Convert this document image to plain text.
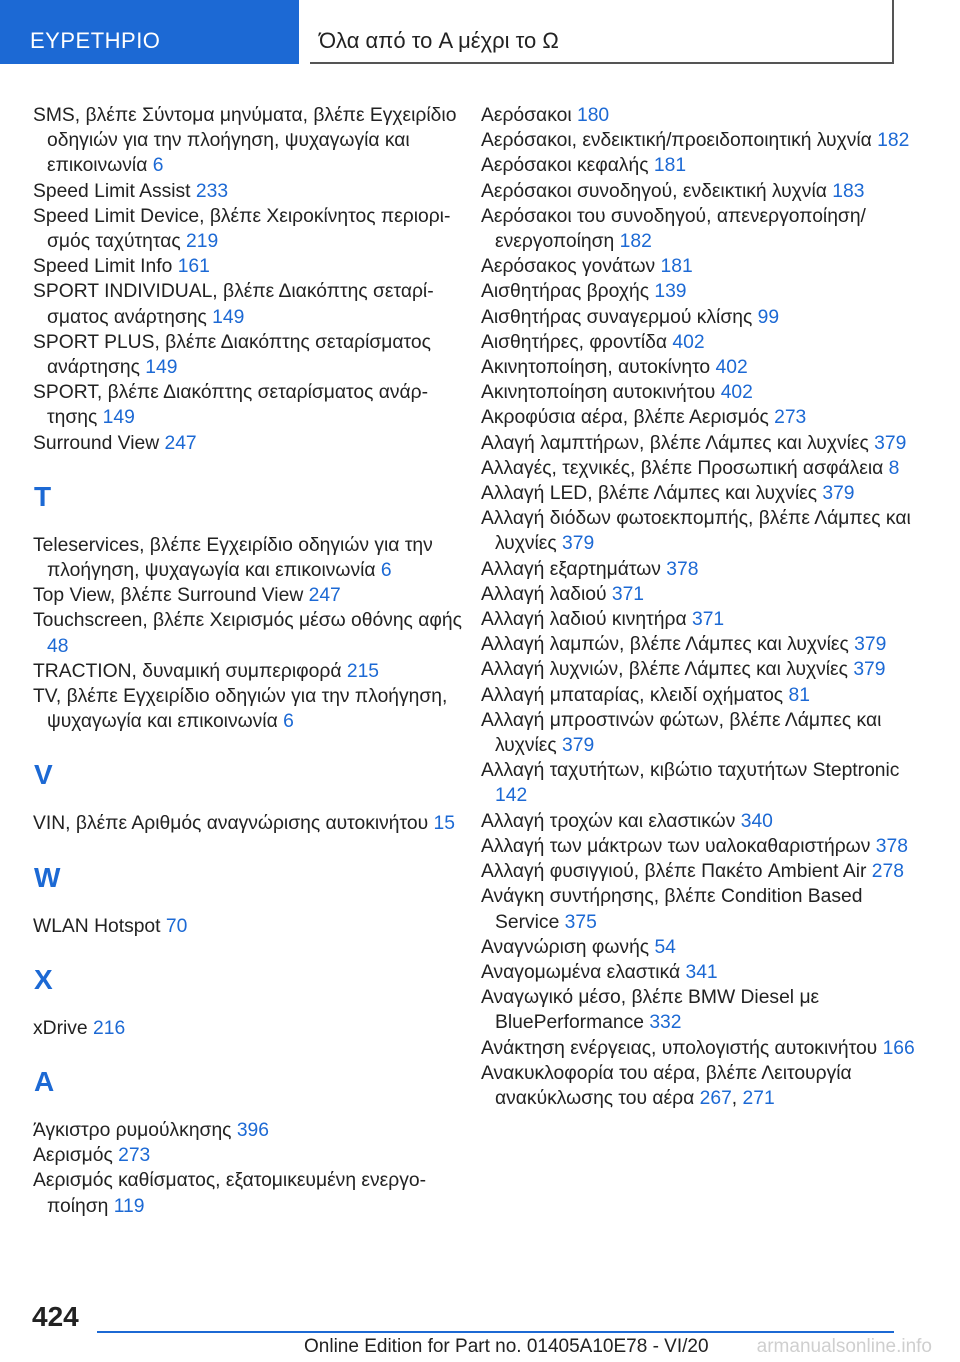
ΕΥΡΕΤΗΡΙΟ	Όλα από το A μέχρι το Ω
SMS, βλέπε Σύντομα μηνύματα, βλέπε Εγχειρίδιο οδηγιών για την πλοήγηση, ψυχαγωγία και επικοινωνία 6
Speed Limit Assist 233
Speed Limit Device, βλέπε Χειροκίνητος περιορισμός ταχύτητας 219
Speed Limit Info 161
SPORT INDIVIDUAL, βλέπε Διακόπτης σεταρίσματος ανάρτησης 149
SPORT PLUS, βλέπε Διακόπτης σεταρίσματος ανάρτησης 149
SPORT, βλέπε Διακόπτης σεταρίσματος ανάρτησης 149
Surround View 247
T
Teleservices, βλέπε Εγχειρίδιο οδηγιών για την πλοήγηση, ψυχαγωγία και επικοινωνία 6
Top View, βλέπε Surround View 247
Touchscreen, βλέπε Χειρισμός μέσω οθόνης αφής 48
TRACTION, δυναμική συμπεριφορά 215
TV, βλέπε Εγχειρίδιο οδηγιών για την πλοήγηση, ψυχαγωγία και επικοινωνία 6
V
VIN, βλέπε Αριθμός αναγνώρισης αυτοκινήτου 15
W
WLAN Hotspot 70
X
xDrive 216
Α
Άγκιστρο ρυμούλκησης 396
Αερισμός 273
Αερισμός καθίσματος, εξατομικευμένη ενεργοποίηση 119
Αερόσακοι 180
Αερόσακοι, ενδεικτική/προειδοποιητική λυχνία 182
Αερόσακοι κεφαλής 181
Αερόσακοι συνοδηγού, ενδεικτική λυχνία 183
Αερόσακοι του συνοδηγού, απενεργοποίηση/ ενεργοποίηση 182
Αερόσακος γονάτων 181
Αισθητήρας βροχής 139
Αισθητήρας συναγερμού κλίσης 99
Αισθητήρες, φροντίδα 402
Ακινητοποίηση, αυτοκίνητο 402
Ακινητοποίηση αυτοκινήτου 402
Ακροφύσια αέρα, βλέπε Αερισμός 273
Αλαγή λαμπτήρων, βλέπε Λάμπες και λυχνίες 379
Αλλαγές, τεχνικές, βλέπε Προσωπική ασφάλεια 8
Αλλαγή LED, βλέπε Λάμπες και λυχνίες 379
Αλλαγή διόδων φωτοεκπομπής, βλέπε Λάμπες και λυχνίες 379
Αλλαγή εξαρτημάτων 378
Αλλαγή λαδιού 371
Αλλαγή λαδιού κινητήρα 371
Αλλαγή λαμπών, βλέπε Λάμπες και λυχνίες 379
Αλλαγή λυχνιών, βλέπε Λάμπες και λυχνίες 379
Αλλαγή μπαταρίας, κλειδί οχήματος 81
Αλλαγή μπροστινών φώτων, βλέπε Λάμπες και λυχνίες 379
Αλλαγή ταχυτήτων, κιβώτιο ταχυτήτων Steptronic 142
Αλλαγή τροχών και ελαστικών 340
Αλλαγή των μάκτρων των υαλοκαθαριστήρων 378
Αλλαγή φυσιγγιού, βλέπε Πακέτο Ambient Air 278
Ανάγκη συντήρησης, βλέπε Condition Based Service 375
Αναγνώριση φωνής 54
Αναγομωμένα ελαστικά 341
Αναγωγικό μέσο, βλέπε BMW Diesel με BluePerformance 332
Ανάκτηση ενέργειας, υπολογιστής αυτοκινήτου 166
Ανακυκλοφορία του αέρα, βλέπε Λειτουργία ανακύκλωσης του αέρα 267, 271
424
Online Edition for Part no. 01405A10E78 - VI/20	armanualsonline.info
